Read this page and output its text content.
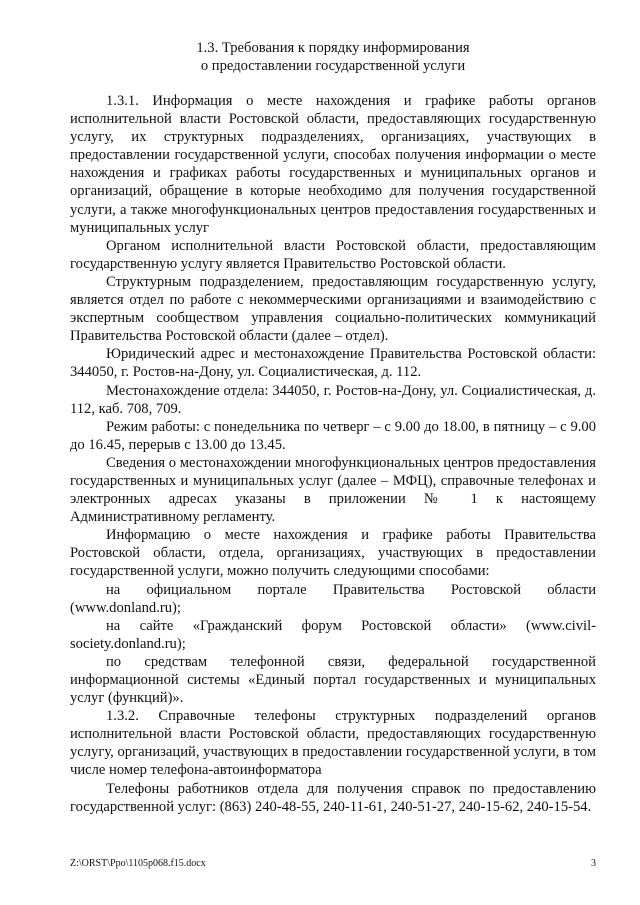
1.3. Требования к порядку информирования
о предоставлении государственной услуги

1.3.1. Информация о месте нахождения и графике работы органов исполнительной власти Ростовской области, предоставляющих государственную услугу, их структурных подразделениях, организациях, участвующих в предоставлении государственной услуги, способах получения информации о месте нахождения и графиках работы государственных и муниципальных органов и организаций, обращение в которые необходимо для получения государственной услуги, а также многофункциональных центров предоставления государственных и муниципальных услуг

Органом исполнительной власти Ростовской области, предоставляющим государственную услугу является Правительство Ростовской области.

Структурным подразделением, предоставляющим государственную услугу, является отдел по работе с некоммерческими организациями и взаимодействию с экспертным сообществом управления социально-политических коммуникаций Правительства Ростовской области (далее – отдел).

Юридический адрес и местонахождение Правительства Ростовской области: 344050, г. Ростов-на-Дону, ул. Социалистическая, д. 112.

Местонахождение отдела: 344050, г. Ростов-на-Дону, ул. Социалистическая, д. 112, каб. 708, 709.

Режим работы: с понедельника по четверг – с 9.00 до 18.00, в пятницу – с 9.00 до 16.45, перерыв с 13.00 до 13.45.

Сведения о местонахождении многофункциональных центров предоставления государственных и муниципальных услуг (далее – МФЦ), справочные телефонах и электронных адресах указаны в приложении № 1 к настоящему Административному регламенту.

Информацию о месте нахождения и графике работы Правительства Ростовской области, отдела, организациях, участвующих в предоставлении государственной услуги, можно получить следующими способами:

на официальном портале Правительства Ростовской области (www.donland.ru);

на сайте «Гражданский форум Ростовской области» (www.civil-society.donland.ru);

по средствам телефонной связи, федеральной государственной информационной системы «Единый портал государственных и муниципальных услуг (функций)».

1.3.2. Справочные телефоны структурных подразделений органов исполнительной власти Ростовской области, предоставляющих государственную услугу, организаций, участвующих в предоставлении государственной услуги, в том числе номер телефона-автоинформатора

Телефоны работников отдела для получения справок по предоставлению государственной услуг: (863) 240-48-55, 240-11-61, 240-51-27, 240-15-62, 240-15-54.

Z:\ORST\Ppo\1105p068.f15.docx	3
